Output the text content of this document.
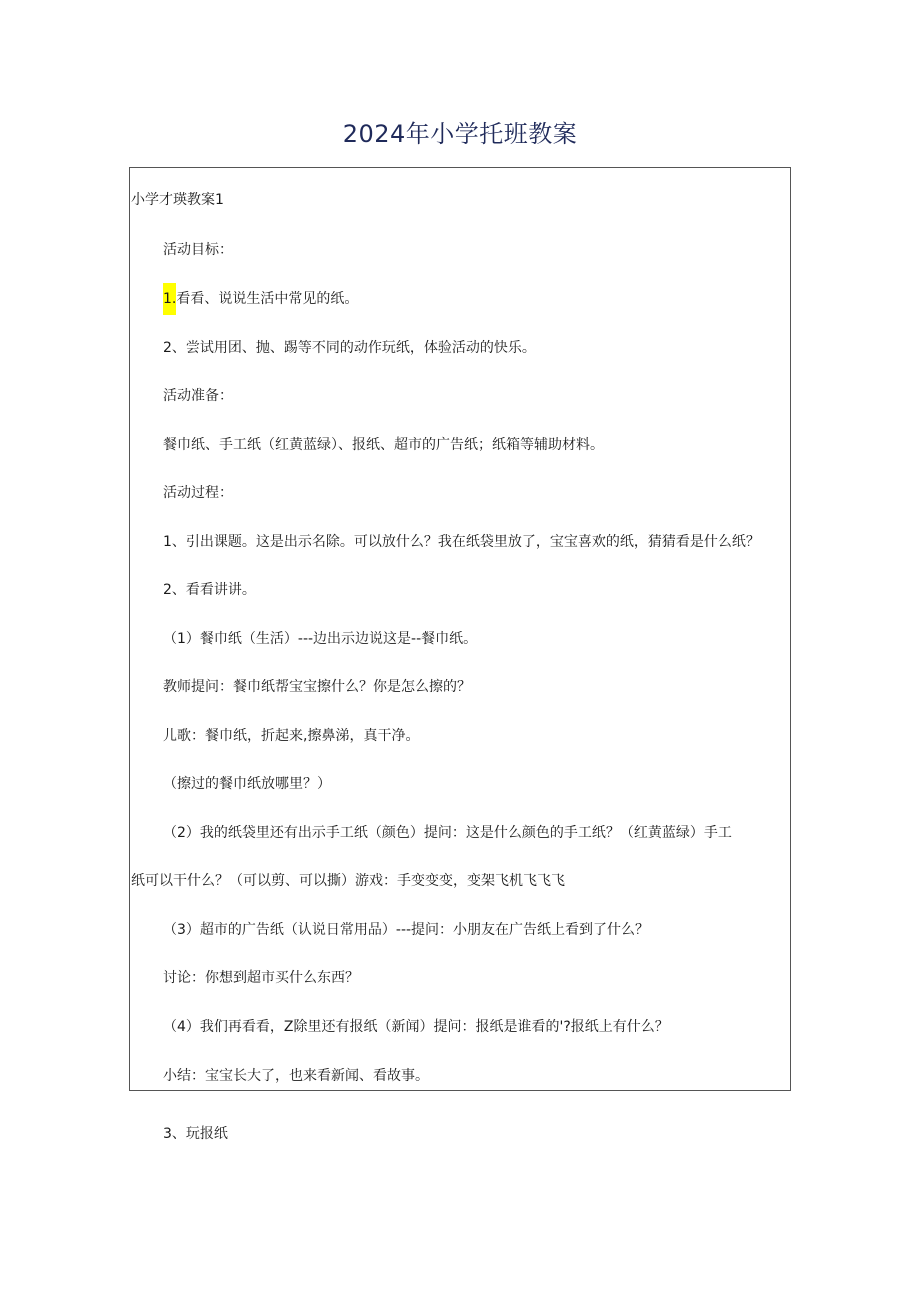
2024年小学托班教案

小学才瑛教案1

活动目标：

1.看看、说说生活中常见的纸。

2、尝试用团、抛、踢等不同的动作玩纸，体验活动的快乐。

活动准备：

餐巾纸、手工纸（红黄蓝绿）、报纸、超市的广告纸；纸箱等辅助材料。

活动过程：

1、引出课题。这是出示名除。可以放什么？我在纸袋里放了，宝宝喜欢的纸，猜猜看是什么纸？

2、看看讲讲。

（1）餐巾纸（生活）---边出示边说这是--餐巾纸。

教师提问：餐巾纸帮宝宝擦什么？你是怎么擦的？

儿歌：餐巾纸，折起来,擦鼻涕，真干净。

（擦过的餐巾纸放哪里？）

（2）我的纸袋里还有出示手工纸（颜色）提问：这是什么颜色的手工纸？（红黄蓝绿）手工

纸可以干什么？（可以剪、可以撕）游戏：手变变变，变架飞机飞飞飞

（3）超市的广告纸（认说日常用品）---提问：小朋友在广告纸上看到了什么？

讨论：你想到超市买什么东西？

（4）我们再看看，Z除里还有报纸（新闻）提问：报纸是谁看的'?报纸上有什么？

小结：宝宝长大了，也来看新闻、看故事。

3、玩报纸
